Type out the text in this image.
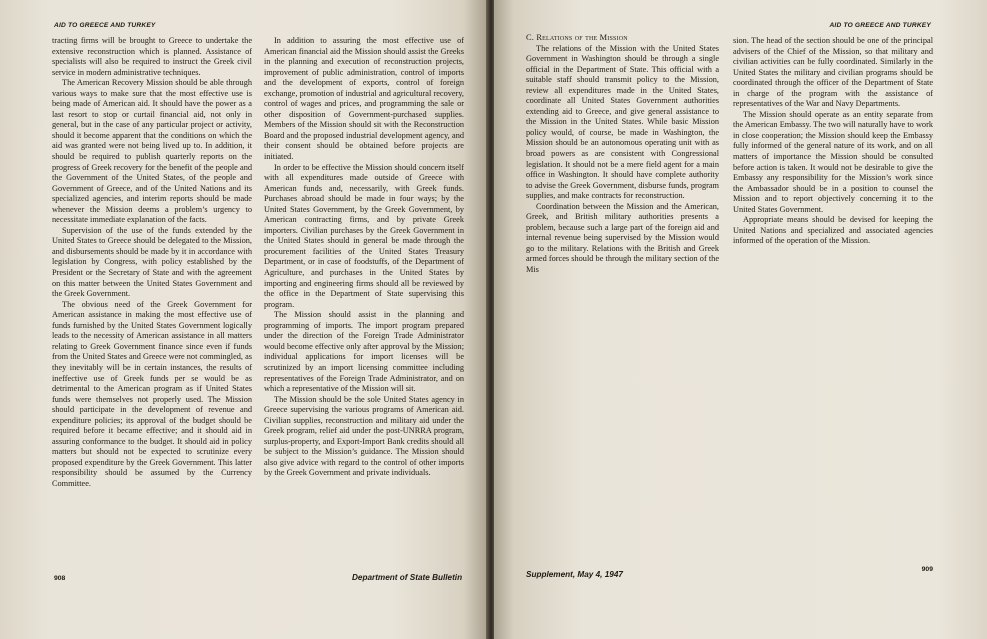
AID TO GREECE AND TURKEY

tracting firms will be brought to Greece to undertake the extensive reconstruction which is planned. Assistance of specialists will also be required to instruct the Greek civil service in modern administrative techniques.

The American Recovery Mission should be able through various ways to make sure that the most effective use is being made of American aid. It should have the power as a last resort to stop or curtail financial aid, not only in general, but in the case of any particular project or activity, should it become apparent that the conditions on which the aid was granted were not being lived up to. In addition, it should be required to publish quarterly reports on the progress of Greek recovery for the benefit of the people and the Government of the United States, of the people and Government of Greece, and of the United Nations and its specialized agencies, and interim reports should be made whenever the Mission deems a problem’s urgency to necessitate immediate explanation of the facts.

Supervision of the use of the funds extended by the United States to Greece should be delegated to the Mission, and disbursements should be made by it in accordance with legislation by Congress, with policy established by the President or the Secretary of State and with the agreement on this matter between the United States Government and the Greek Government.

The obvious need of the Greek Government for American assistance in making the most effective use of funds furnished by the United States Government logically leads to the necessity of American assistance in all matters relating to Greek Government finance since even if funds from the United States and Greece were not commingled, as they inevitably will be in certain instances, the results of ineffective use of Greek funds per se would be as detrimental to the American program as if United States funds were themselves not properly used. The Mission should participate in the development of revenue and expenditure policies; its approval of the budget should be required before it became effective; and it should aid in assuring conformance to the budget. It should aid in policy matters but should not be expected to scrutinize every proposed expenditure by the Greek Government. This latter responsibility should be assumed by the Currency Committee.

In addition to assuring the most effective use of American financial aid the Mission should assist the Greeks in the planning and execution of reconstruction projects, improvement of public administration, control of imports and the development of exports, control of foreign exchange, promotion of industrial and agricultural recovery, control of wages and prices, and programming the sale or other disposition of Government-purchased supplies. Members of the Mission should sit with the Reconstruction Board and the proposed industrial development agency, and their consent should be obtained before projects are initiated.

In order to be effective the Mission should concern itself with all expenditures made outside of Greece with American funds and, necessarily, with Greek funds. Purchases abroad should be made in four ways; by the United States Government, by the Greek Government, by American contracting firms, and by private Greek importers. Civilian purchases by the Greek Government in the United States should in general be made through the procurement facilities of the United States Treasury Department, or in case of foodstuffs, of the Department of Agriculture, and purchases in the United States by importing and engineering firms should all be reviewed by the office in the Department of State supervising this program.

The Mission should assist in the planning and programming of imports. The import program prepared under the direction of the Foreign Trade Administrator would become effective only after approval by the Mission; individual applications for import licenses will be scrutinized by an import licensing committee including representatives of the Foreign Trade Administrator, and on which a representative of the Mission will sit.

The Mission should be the sole United States agency in Greece supervising the various programs of American aid. Civilian supplies, reconstruction and military aid under the Greek program, relief aid under the post-UNRRA program, surplus-property, and Export-Import Bank credits should all be subject to the Mission’s guidance. The Mission should also give advice with regard to the control of other imports by the Greek Government and private individuals.

908	Department of State Bulletin
AID TO GREECE AND TURKEY

C. Relations of the Mission

The relations of the Mission with the United States Government in Washington should be through a single official in the Department of State. This official with a suitable staff should transmit policy to the Mission, review all expenditures made in the United States, coordinate all United States Government authorities extending aid to Greece, and give general assistance to the Mission in the United States. While basic Mission policy would, of course, be made in Washington, the Mission should be an autonomous operating unit with as broad powers as are consistent with Congressional legislation. It should not be a mere field agent for a main office in Washington. It should have complete authority to advise the Greek Government, disburse funds, program supplies, and make contracts for reconstruction.

Coordination between the Mission and the American, Greek, and British military authorities presents a problem, because such a large part of the foreign aid and internal revenue being supervised by the Mission would go to the military. Relations with the British and Greek armed forces should be through the military section of the Mis

sion. The head of the section should be one of the principal advisers of the Chief of the Mission, so that military and civilian activities can be fully coordinated. Similarly in the United States the military and civilian programs should be coordinated through the officer of the Department of State in charge of the program with the assistance of representatives of the War and Navy Departments.

The Mission should operate as an entity separate from the American Embassy. The two will naturally have to work in close cooperation; the Mission should keep the Embassy fully informed of the general nature of its work, and on all matters of importance the Mission should be consulted before action is taken. It would not be desirable to give the Embassy any responsibility for the Mission’s work since the Ambassador should be in a position to counsel the Mission and to report objectively concerning it to the United States Government.

Appropriate means should be devised for keeping the United Nations and specialized and associated agencies informed of the operation of the Mission.

Supplement, May 4, 1947
909
